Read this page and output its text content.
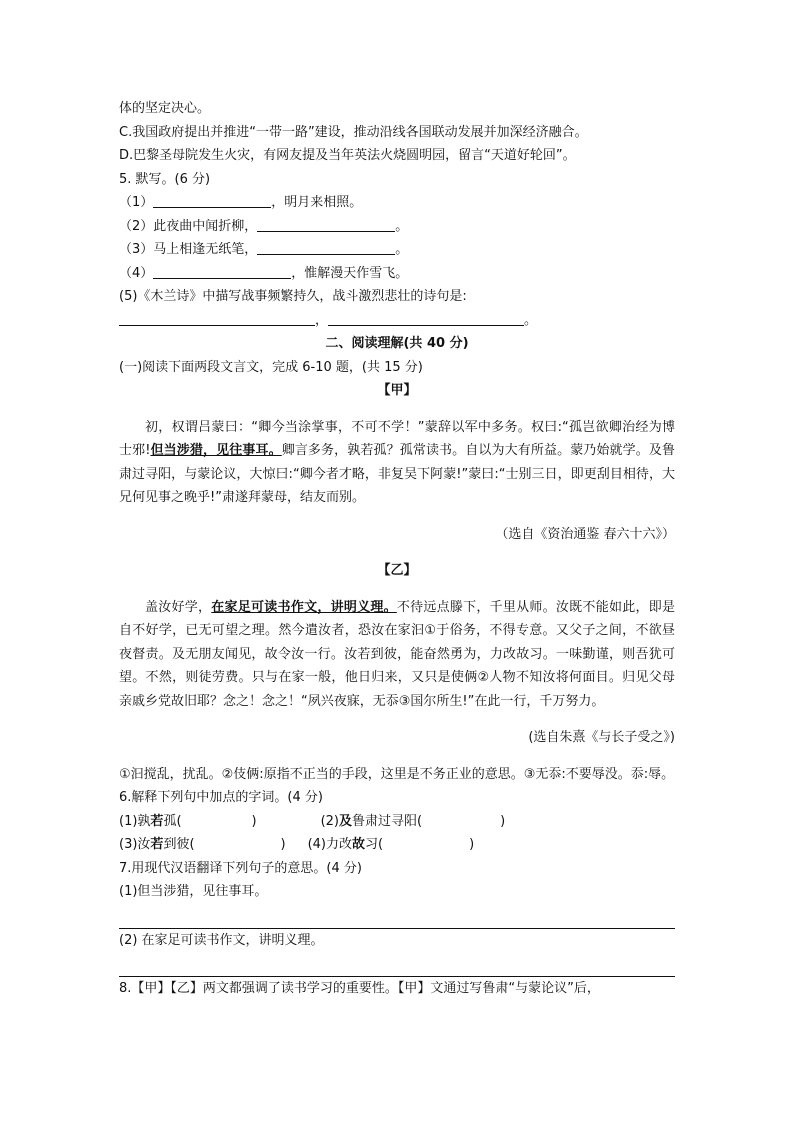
体的坚定决心。

C.我国政府提出并推进“一带一路”建设，推动沿线各国联动发展并加深经济融合。

D.巴黎圣母院发生火灾，有网友提及当年英法火烧圆明园，留言“天道好轮回”。

5. 默写。(6 分)

（1）	，明月来相照。

（2）此夜曲中闻折柳，	。

（3）马上相逢无纸笔，	。

（4）	，惟解漫天作雪飞。

(5)《木兰诗》中描写战事频繁持久，战斗激烈悲壮的诗句是:

，	。

二、阅读理解(共 40 分)

(一)阅读下面两段文言文，完成 6-10 题，(共 15 分)

【甲】

初，权谓吕蒙曰：“卿今当涂掌事，不可不学！”蒙辞以军中多务。权曰:“孤岂欲卿治经为博士邪!但当涉猎，见往事耳。卿言多务，孰若孤？孤常读书。自以为大有所益。蒙乃始就学。及鲁肃过寻阳，与蒙论议，大惊曰:“卿今者才略，非复吴下阿蒙!”蒙曰:“士别三日，即更刮目相待，大兄何见事之晚乎!”肃遂拜蒙母，结友而别。

（选自《资治通鉴 春六十六》）

【乙】

盖汝好学，在家足可读书作文，讲明义理。不待远点滕下，千里从师。汝既不能如此，即是自不好学，已无可望之理。然今遣汝者，恐汝在家汩①于俗务，不得专意。又父子之间，不欲昼夜督责。及无朋友闻见，故令汝一行。汝若到彼，能奋然勇为，力改故习。一味勤谨，则吾犹可望。不然，则徒劳费。只与在家一般，他日归来，又只是使俩②人物不知汝将何面目。归见父母亲戚乡党故旧耶？念之！念之！“夙兴夜寐，无忝③国尔所生!”在此一行，千万努力。

(选自朱熹《与长子受之》)

①汩搅乱，扰乱。②伎俩:原指不正当的手段，这里是不务正业的意思。③无忝:不要辱没。忝:辱。

6.解释下列句中加点的字词。(4 分)

(1)孰若孤(	)	(2)及鲁肃过寻阳(	)

(3)汝若到彼(	) (4)力改故习(	)

7.用现代汉语翻译下列句子的意思。(4 分)

(1)但当涉猎，见往事耳。

(2) 在家足可读书作文，讲明义理。

8.【甲】【乙】两文都强调了读书学习的重要性。【甲】文通过写鲁肃“与蒙论议”后，
